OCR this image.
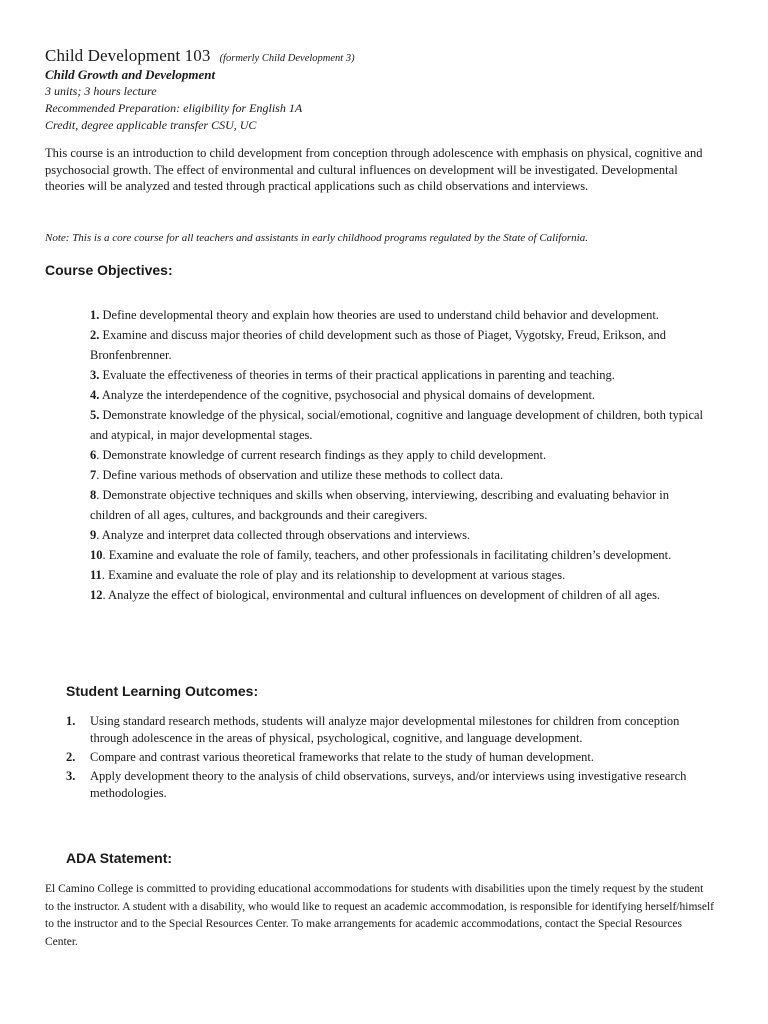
Child Development 103 (formerly Child Development 3)
Child Growth and Development
3 units; 3 hours lecture
Recommended Preparation: eligibility for English 1A
Credit, degree applicable transfer CSU, UC
This course is an introduction to child development from conception through adolescence with emphasis on physical, cognitive and psychosocial growth. The effect of environmental and cultural influences on development will be investigated. Developmental theories will be analyzed and tested through practical applications such as child observations and interviews.
Note: This is a core course for all teachers and assistants in early childhood programs regulated by the State of California.
Course Objectives:
1. Define developmental theory and explain how theories are used to understand child behavior and development.
2. Examine and discuss major theories of child development such as those of Piaget, Vygotsky, Freud, Erikson, and Bronfenbrenner.
3. Evaluate the effectiveness of theories in terms of their practical applications in parenting and teaching.
4. Analyze the interdependence of the cognitive, psychosocial and physical domains of development.
5. Demonstrate knowledge of the physical, social/emotional, cognitive and language development of children, both typical and atypical, in major developmental stages.
6. Demonstrate knowledge of current research findings as they apply to child development.
7. Define various methods of observation and utilize these methods to collect data.
8. Demonstrate objective techniques and skills when observing, interviewing, describing and evaluating behavior in children of all ages, cultures, and backgrounds and their caregivers.
9. Analyze and interpret data collected through observations and interviews.
10. Examine and evaluate the role of family, teachers, and other professionals in facilitating children’s development.
11. Examine and evaluate the role of play and its relationship to development at various stages.
12. Analyze the effect of biological, environmental and cultural influences on development of children of all ages.
Student Learning Outcomes:
1. Using standard research methods, students will analyze major developmental milestones for children from conception through adolescence in the areas of physical, psychological, cognitive, and language development.
2. Compare and contrast various theoretical frameworks that relate to the study of human development.
3. Apply development theory to the analysis of child observations, surveys, and/or interviews using investigative research methodologies.
ADA Statement:
El Camino College is committed to providing educational accommodations for students with disabilities upon the timely request by the student to the instructor. A student with a disability, who would like to request an academic accommodation, is responsible for identifying herself/himself to the instructor and to the Special Resources Center. To make arrangements for academic accommodations, contact the Special Resources Center.
